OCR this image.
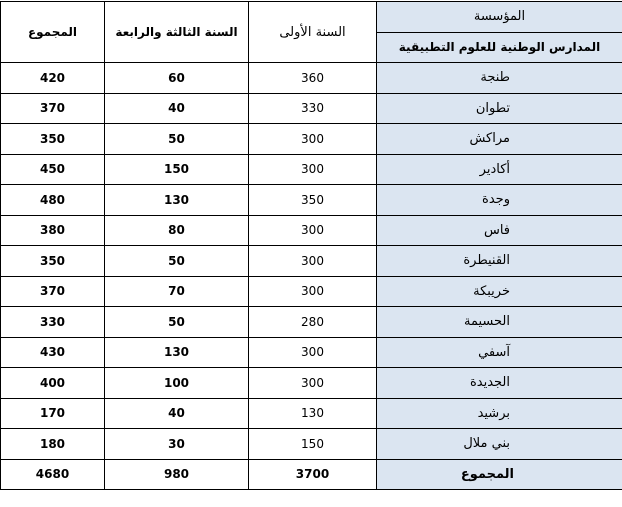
المؤسسة	السنة الأولى	السنة الثالثة والرابعة	المجموع
المدارس الوطنية للعلوم التطبيقية			
طنجة	360	60	420
تطوان	330	40	370
مراكش	300	50	350
أكادير	300	150	450
وجدة	350	130	480
فاس	300	80	380
القنيطرة	300	50	350
خريبكة	300	70	370
الحسيمة	280	50	330
آسفي	300	130	430
الجديدة	300	100	400
برشيد	130	40	170
بني ملال	150	30	180
المجموع	3700	980	4680
